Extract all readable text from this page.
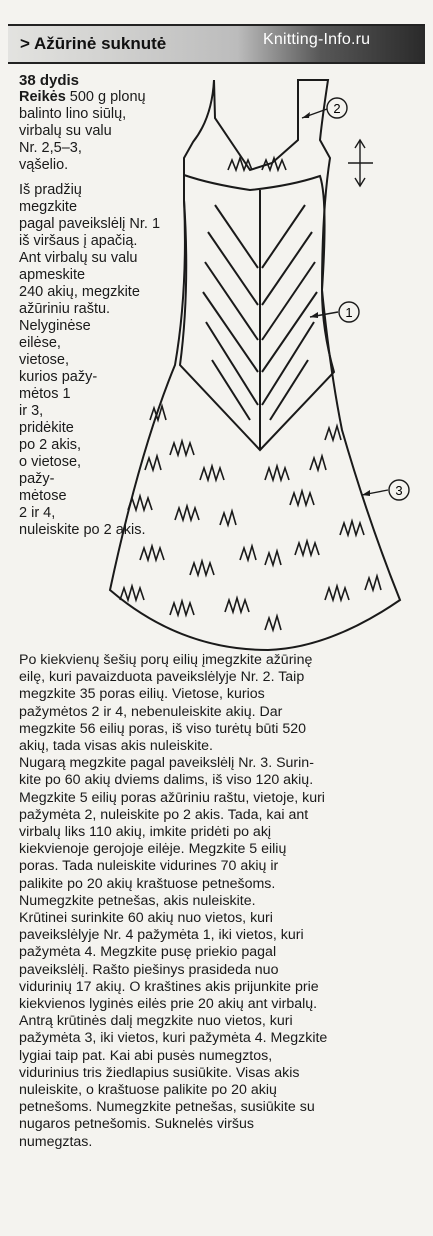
> Ažūrinė suknutė	Knitting-Info.ru

38 dydis

Reikės 500 g plonų

balinto lino siūlų,

virbalų su valu

Nr. 2,5–3,

vąšelio.

Iš pradžių

megzkite

pagal paveikslėlį Nr. 1

iš viršaus į apačią.

Ant virbalų su valu

apmeskite

240 akių, megzkite

ažūriniu raštu.

Nelyginėse

eilėse,

vietose,

kurios pažy-

mėtos 1

ir 3,

pridėkite

po 2 akis,

o vietose,

pažy-

mėtose

2 ir 4,

nuleiskite po 2 akis.

2
1
3

Po kiekvienų šešių porų eilių įmegzkite ažūrinę

eilę, kuri pavaizduota paveikslėlyje Nr. 2. Taip

megzkite 35 poras eilių. Vietose, kurios

pažymėtos 2 ir 4, nebenuleiskite akių. Dar

megzkite 56 eilių poras, iš viso turėtų būti 520

akių, tada visas akis nuleiskite.

Nugarą megzkite pagal paveikslėlį Nr. 3. Surin-

kite po 60 akių dviems dalims, iš viso 120 akių.

Megzkite 5 eilių poras ažūriniu raštu, vietoje, kuri

pažymėta 2, nuleiskite po 2 akis. Tada, kai ant

virbalų liks 110 akių, imkite pridėti po akį

kiekvienoje gerojoje eilėje. Megzkite 5 eilių

poras. Tada nuleiskite vidurines 70 akių ir

palikite po 20 akių kraštuose petnešoms.

Numegzkite petnešas, akis nuleiskite.

Krūtinei surinkite 60 akių nuo vietos, kuri

paveikslėlyje Nr. 4 pažymėta 1, iki vietos, kuri

pažymėta 4. Megzkite pusę priekio pagal

paveikslėlį. Rašto piešinys prasideda nuo

vidurinių 17 akių. O kraštines akis prijunkite prie

kiekvienos lyginės eilės prie 20 akių ant virbalų.

Antrą krūtinės dalį megzkite nuo vietos, kuri

pažymėta 3, iki vietos, kuri pažymėta 4. Megzkite

lygiai taip pat. Kai abi pusės numegztos,

vidurinius tris žiedlapius susiūkite. Visas akis

nuleiskite, o kraštuose palikite po 20 akių

petnešoms. Numegzkite petnešas, susiūkite su

nugaros petnešomis. Suknelės viršus

numegztas.
